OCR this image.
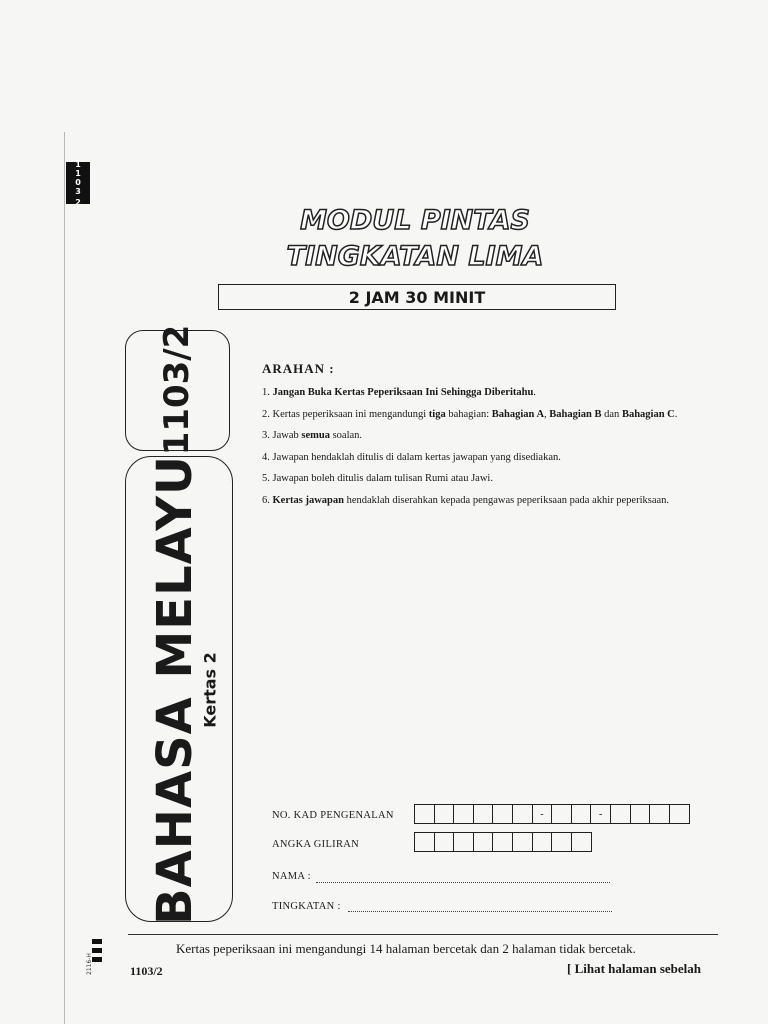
1
1
0
3
2
MODUL PINTAS
TINGKATAN LIMA
2 JAM 30 MINIT
1103/2
BAHASA MELAYU
Kertas 2
ARAHAN :
1. Jangan Buka Kertas Peperiksaan Ini Sehingga Diberitahu.
2. Kertas peperiksaan ini mengandungi tiga bahagian: Bahagian A, Bahagian B dan Bahagian C.
3. Jawab semua soalan.
4. Jawapan hendaklah ditulis di dalam kertas jawapan yang disediakan.
5. Jawapan boleh ditulis dalam tulisan Rumi atau Jawi.
6. Kertas jawapan hendaklah diserahkan kepada pengawas peperiksaan pada akhir peperiksaan.
NO. KAD PENGENALAN	-	-
ANGKA GILIRAN
NAMA :
TINGKATAN :
2116-H
Kertas peperiksaan ini mengandungi 14 halaman bercetak dan 2 halaman tidak bercetak.
1103/2	[ Lihat halaman sebelah
